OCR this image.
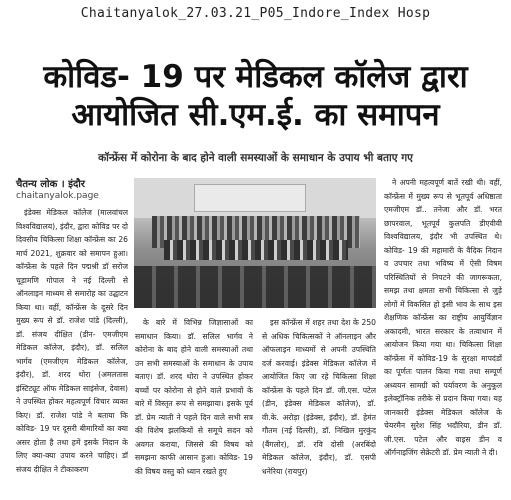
Chaitanyalok_27.03.21_P05_Indore_Index Hosp
कोविड- 19 पर मेडिकल कॉलेज द्वारा
आयोजित सी.एम.ई. का समापन
कॉन्फ्रेंस में कोरोना के बाद होने वाली समस्याओं के समाधान के उपाय भी बताए गए
चैतन्य लोक । इंदौर
chaitanyalok.page

इंडेक्स मेडिकल कॉलेज (मालवांचल विश्वविद्यालय), इंदौर, द्वारा कोविड पर दो दिवसीय चिकित्सा शिक्षा कॉन्फ्रेंस का 26 मार्च 2021, शुक्रवार को समापन हुआ। कॉन्फ्रेंस के पहले दिन पद्मश्री डॉ सरोज चूड़ामणि गोपाल ने नई दिल्ली से ऑनलाइन माध्यम से समारोह का उद्घाटन किया था। वहीं, कॉन्फ्रेंस के दूसरे दिन मुख्य रूप से डॉ. राजेश पांडे (दिल्ली), डॉ. संजय दीक्षित (डीन- एमजीएम मेडिकल कॉलेज, इंदौर), डॉ. सलिल भार्गव (एमजीएम मेडिकल कॉलेज, इंदौर), डॉ. शरद थोरा (अमलतास इंस्टिट्यूट ऑफ मेडिकल साइंसेज, देवास) ने उपस्थित होकर महत्वपूर्ण विचार व्यक्त किए। डॉ. राजेश पांडे ने बताया कि कोविड- 19 पर दूसरी बीमारियों का क्या असर होता है तथा हमें इसके निदान के लिए क्या-क्या उपाय करने चाहिए। डॉ संजय दीक्षित ने टीकाकरण

के बारे में विभिन्न जिज्ञासाओं का समाधान किया। डॉ. सलिल भार्गव ने कोरोना के बाद होने वाली समस्याओं तथा उन सभी समस्याओं के समाधान के उपाय बताए। डॉ. शरद थोरा ने उपस्थित होकर बच्चों पर कोरोना से होने वाले प्रभावों के बारे में विस्तृत रूप से समझाया। इसके पूर्व डॉ. प्रेम न्याती ने पहले दिन वाले सभी सत्र की विशेष झलकियों से समूचे सदन को अवगत कराया, जिससे की विषय को समझना काफी आसान हुआ। कोविड- 19 की विषय वस्तु को ध्यान रखते हुए

इस कॉन्फ्रेंस में शहर तथा देश के 250 से अधिक चिकित्सकों ने ऑनलाइन और ऑफलाइन माध्यमों से अपनी उपस्थिति दर्ज करवाई। इंडेक्स मेडिकल कॉलेज में आयोजित किए जा रहे चिकित्सा शिक्षा कॉन्फ्रेंस के पहले दिन डॉ. जी.एस. पटेल (डीन, इंडेक्स मेडिकल कॉलेज), डॉ. वी.के. अरोड़ा (इंडेक्स, इंदौर), डॉ. हेमंत गौतम (नई दिल्ली), डॉ. निखिल मुरकुंद (बैंगलोर), डॉ. रवि दोसी (अरबिंदो मेडिकल कॉलेज, इंदौर), डॉ. एसपी धनेरिया (रायपुर)

ने अपनी महत्वपूर्ण बातें रखी थी। वहीं, कॉन्फ्रेंस में मुख्य रूप से भूतपूर्व अधिष्ठाता एमजीएम डॉ.. तनेजा और डॉ. भरत छापरवाल, भूतपूर्व कुलपति डीएवीवी विश्वविद्यालय, इंदौर भी उपस्थित थे। कोविड- 19 की महामारी के वैदिक निदान व उपचार तथा भविष्य में ऐसी विषम परिस्थितियों से निपटने की जागरूकता, समझ तथा क्षमता सभी चिकित्सा से जुड़े लोगों में विकसित हो इसी भाव के साथ इस शैक्षणिक कॉन्फ्रेंस का राष्ट्रीय आयुर्विज्ञान अकादमी, भारत सरकार के तत्वाधान में आयोजन किया गया था। चिकित्सा शिक्षा कॉन्फ्रेंस में कोविड-19 के सुरक्षा मापदंडों का पूर्णतः पालन किया गया तथा सम्पूर्ण अध्ययन सामग्री को पर्यावरण के अनुकूल इलेक्ट्रॉनिक तरीके से प्रदान किया गया। यह जानकारी इंडेक्स मेडिकल कॉलेज के चेयरमैन सुरेश सिंह भदौरिया, डीन डॉ. जी.एस. पटेल और वाइस डीन व ऑर्गनाइजिंग सेक्रेटरी डॉ. प्रेम न्याती ने दी।
